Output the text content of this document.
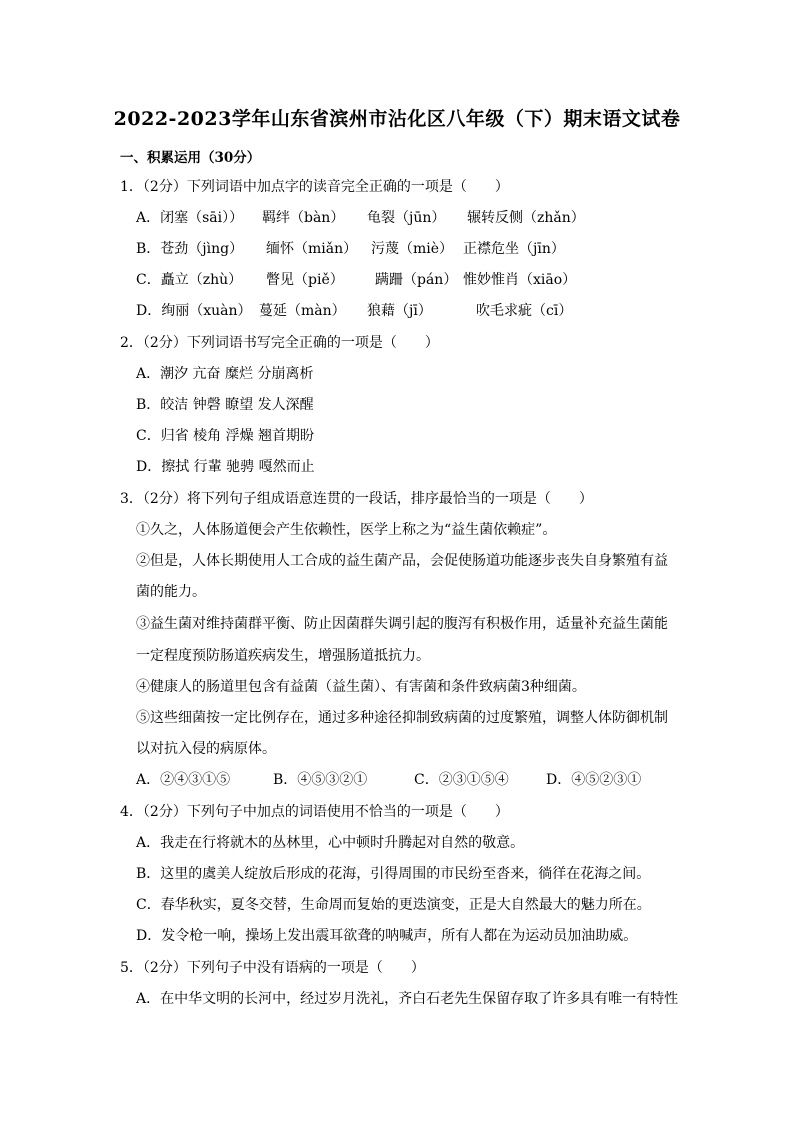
2022-2023学年山东省滨州市沾化区八年级（下）期末语文试卷
一、积累运用（30分）
1．（2分）下列词语中加点字的读音完全正确的一项是（　　）
A．闭塞（sāi）） 羁绊（bàn） 龟裂（jūn） 辗转反侧（zhǎn）
B．苍劲（jìng） 缅怀（miǎn） 污蔑（miè） 正襟危坐（jīn）
C．矗立（zhù） 瞥见（piě） 蹒跚（pán） 惟妙惟肖（xiāo）
D．绚丽（xuàn） 蔓延（màn） 狼藉（jī）	吹毛求疵（cī）
2．（2分）下列词语书写完全正确的一项是（　　）
A．潮汐 亢奋 糜烂 分崩离析
B．皎洁 钟磬 瞭望 发人深醒
C．归省 棱角 浮燥 翘首期盼
D．擦拭 行輩 驰骋 嘎然而止
3．（2分）将下列句子组成语意连贯的一段话，排序最恰当的一项是（　　）
①久之，人体肠道便会产生依赖性，医学上称之为“益生菌依赖症”。
②但是，人体长期使用人工合成的益生菌产品，会促使肠道功能逐步丧失自身繁殖有益
菌的能力。
③益生菌对维持菌群平衡、防止因菌群失调引起的腹泻有积极作用，适量补充益生菌能
一定程度预防肠道疾病发生，增强肠道抵抗力。
④健康人的肠道里包含有益菌（益生菌）、有害菌和条件致病菌3种细菌。
⑤这些细菌按一定比例存在，通过多种途径抑制致病菌的过度繁殖，调整人体防御机制
以对抗入侵的病原体。
A．②④③①⑤	B．④⑤③②①	C．②③①⑤④	D．④⑤②③①
4．（2分）下列句子中加点的词语使用不恰当的一项是（　　）
A．我走在行将就木的丛林里，心中顿时升腾起对自然的敬意。
B．这里的虞美人绽放后形成的花海，引得周围的市民纷至沓来，徜徉在花海之间。
C．春华秋实，夏冬交替，生命周而复始的更迭演变，正是大自然最大的魅力所在。
D．发令枪一响，操场上发出震耳欲聋的呐喊声，所有人都在为运动员加油助威。
5．（2分）下列句子中没有语病的一项是（　　）
A．在中华文明的长河中，经过岁月洗礼，齐白石老先生保留存取了许多具有唯一有特性
